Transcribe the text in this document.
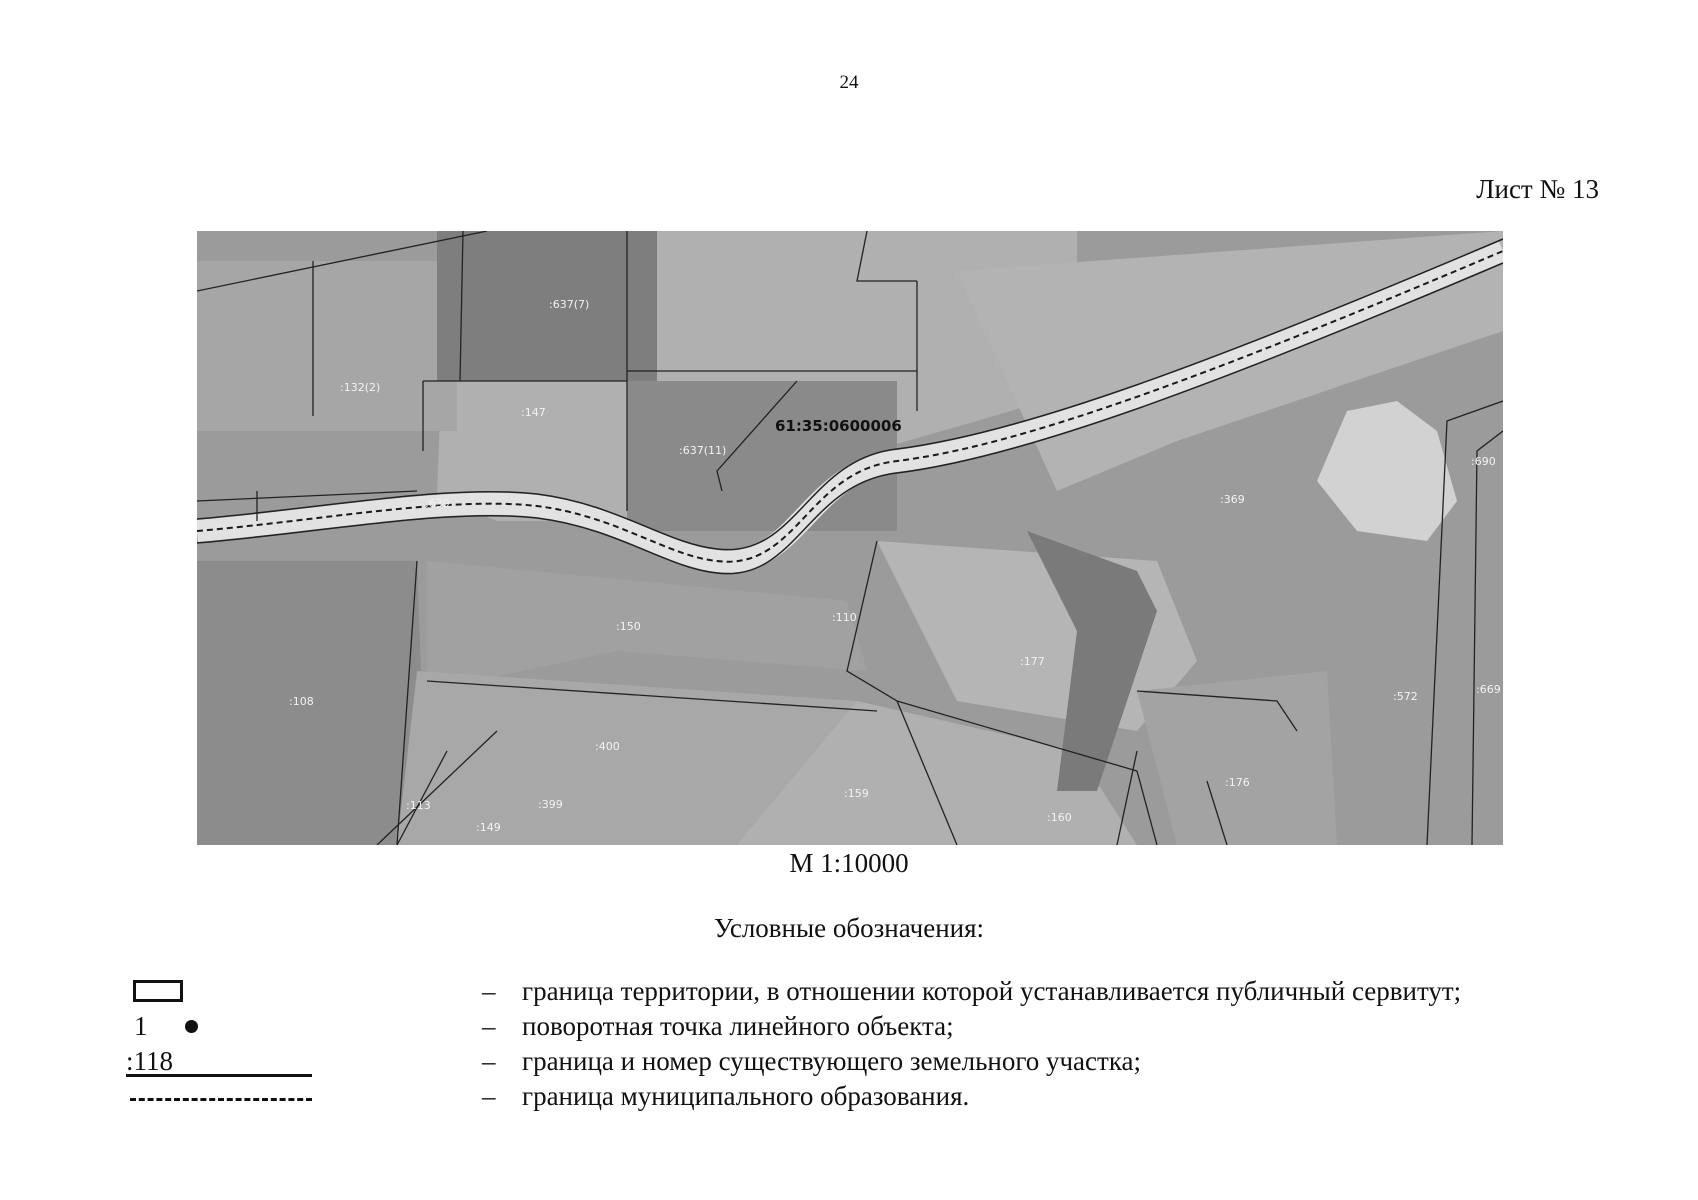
24
Лист № 13
61:35:0600006
:637(7)
:132(2)
:147
:637(11)
:639	:369
:690
:150
:110
:177
:108
:400
:572
:669
:113	:399
:159
:149
:160
:176
М 1:10000
Условные обозначения:
– граница территории, в отношении которой устанавливается публичный сервитут;
1	– поворотная точка линейного объекта;
:118	– граница и номер существующего земельного участка;
– граница муниципального образования.
